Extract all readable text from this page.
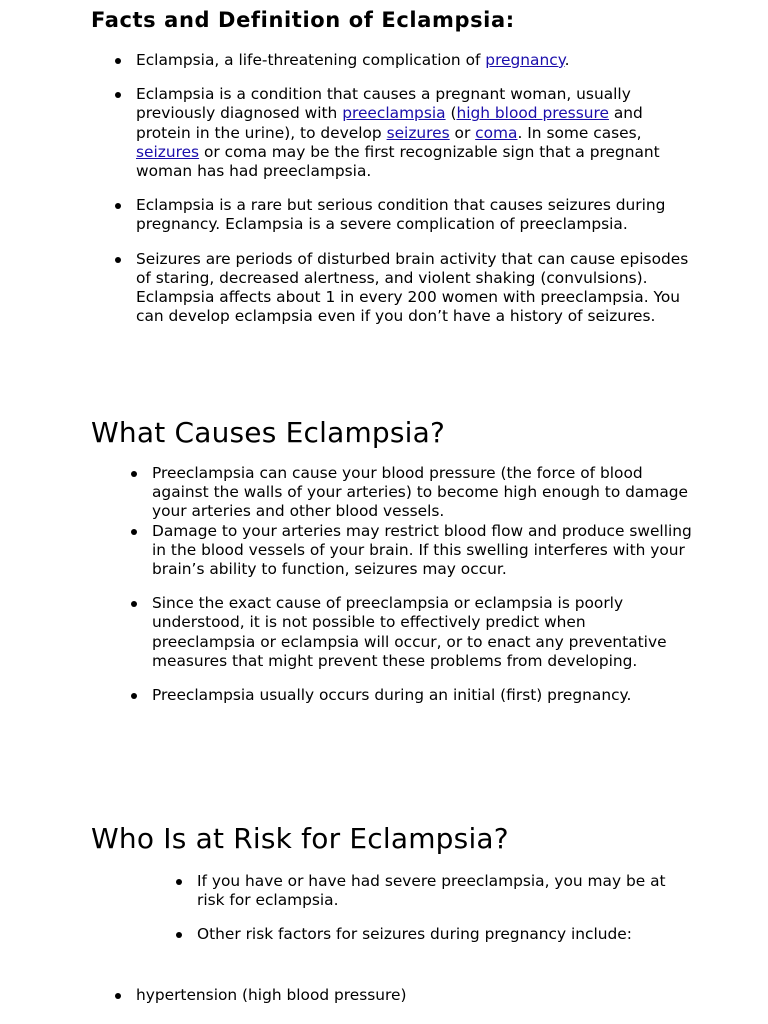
Facts and Definition of Eclampsia:
Eclampsia, a life-threatening complication of pregnancy.
Eclampsia is a condition that causes a pregnant woman, usually previously diagnosed with preeclampsia (high blood pressure and protein in the urine), to develop seizures or coma. In some cases, seizures or coma may be the first recognizable sign that a pregnant woman has had preeclampsia.
Eclampsia is a rare but serious condition that causes seizures during pregnancy. Eclampsia is a severe complication of preeclampsia.
Seizures are periods of disturbed brain activity that can cause episodes of staring, decreased alertness, and violent shaking (convulsions). Eclampsia affects about 1 in every 200 women with preeclampsia. You can develop eclampsia even if you don’t have a history of seizures.
What Causes Eclampsia?
Preeclampsia can cause your blood pressure (the force of blood against the walls of your arteries) to become high enough to damage your arteries and other blood vessels.
Damage to your arteries may restrict blood flow and produce swelling in the blood vessels of your brain. If this swelling interferes with your brain’s ability to function, seizures may occur.
Since the exact cause of preeclampsia or eclampsia is poorly understood, it is not possible to effectively predict when preeclampsia or eclampsia will occur, or to enact any preventative measures that might prevent these problems from developing.
Preeclampsia usually occurs during an initial (first) pregnancy.
Who Is at Risk for Eclampsia?
If you have or have had severe preeclampsia, you may be at risk for eclampsia.
Other risk factors for seizures during pregnancy include:
hypertension (high blood pressure)
